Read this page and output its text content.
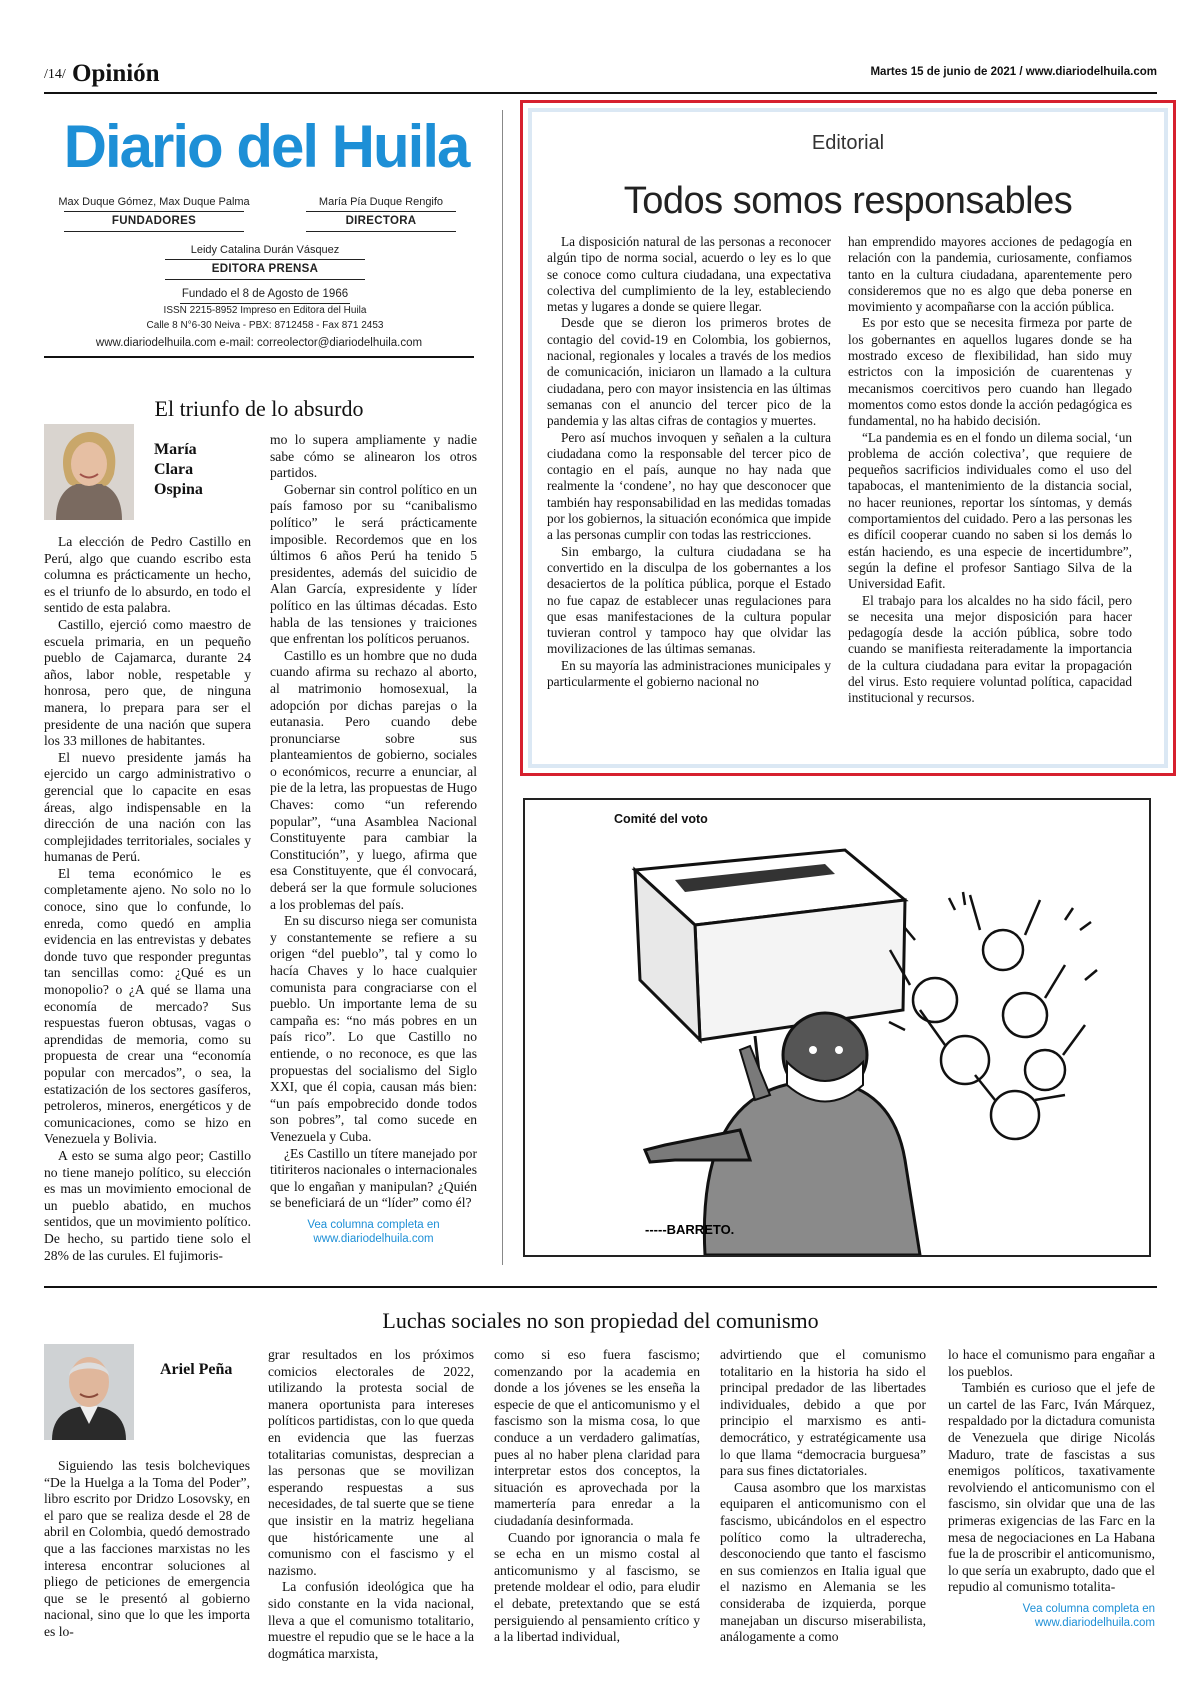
/14/ Opinión	Martes 15 de junio de 2021 / www.diariodelhuila.com
Diario del Huila
Max Duque Gómez, Max Duque Palma
FUNDADORES
María Pía Duque Rengifo
DIRECTORA
Leidy Catalina Durán Vásquez
EDITORA PRENSA
Fundado el 8 de Agosto de 1966
ISSN 2215-8952 Impreso en Editora del Huila
Calle 8 N°6-30 Neiva - PBX: 8712458 - Fax 871 2453
www.diariodelhuila.com e-mail: correolector@diariodelhuila.com
El triunfo de lo absurdo
María
Clara
Ospina

La elección de Pedro Castillo en Perú, algo que cuando escribo esta columna es prácticamente un hecho, es el triunfo de lo absurdo, en todo el sentido de esta palabra.

Castillo, ejerció como maestro de escuela primaria, en un pequeño pueblo de Cajamarca, durante 24 años, labor noble, respetable y honrosa, pero que, de ninguna manera, lo prepara para ser el presidente de una nación que supera los 33 millones de habitantes.

El nuevo presidente jamás ha ejercido un cargo administrativo o gerencial que lo capacite en esas áreas, algo indispensable en la dirección de una nación con las complejidades territoriales, sociales y humanas de Perú.

El tema económico le es completamente ajeno. No solo no lo conoce, sino que lo confunde, lo enreda, como quedó en amplia evidencia en las entrevistas y debates donde tuvo que responder preguntas tan sencillas como: ¿Qué es un monopolio? o ¿A qué se llama una economía de mercado? Sus respuestas fueron obtusas, vagas o aprendidas de memoria, como su propuesta de crear una “economía popular con mercados”, o sea, la estatización de los sectores gasíferos, petroleros, mineros, energéticos y de comunicaciones, como se hizo en Venezuela y Bolivia.

A esto se suma algo peor; Castillo no tiene manejo político, su elección es mas un movimiento emocional de un pueblo abatido, en muchos sentidos, que un movimiento político. De hecho, su partido tiene solo el 28% de las curules. El fujimoris-

mo lo supera ampliamente y nadie sabe cómo se alinearon los otros partidos.

Gobernar sin control político en un país famoso por su “canibalismo político” le será prácticamente imposible. Recordemos que en los últimos 6 años Perú ha tenido 5 presidentes, además del suicidio de Alan García, expresidente y líder político en las últimas décadas. Esto habla de las tensiones y traiciones que enfrentan los políticos peruanos.

Castillo es un hombre que no duda cuando afirma su rechazo al aborto, al matrimonio homosexual, la adopción por dichas parejas o la eutanasia. Pero cuando debe pronunciarse sobre sus planteamientos de gobierno, sociales o económicos, recurre a enunciar, al pie de la letra, las propuestas de Hugo Chaves: como “un referendo popular”, “una Asamblea Nacional Constituyente para cambiar la Constitución”, y luego, afirma que esa Constituyente, que él convocará, deberá ser la que formule soluciones a los problemas del país.

En su discurso niega ser comunista y constantemente se refiere a su origen “del pueblo”, tal y como lo hacía Chaves y lo hace cualquier comunista para congraciarse con el pueblo. Un importante lema de su campaña es: “no más pobres en un país rico”. Lo que Castillo no entiende, o no reconoce, es que las propuestas del socialismo del Siglo XXI, que él copia, causan más bien: “un país empobrecido donde todos son pobres”, tal como sucede en Venezuela y Cuba.

¿Es Castillo un títere manejado por titiriteros nacionales o internacionales que lo engañan y manipulan? ¿Quién se beneficiará de un “líder” como él?

Vea columna completa en
www.diariodelhuila.com
Editorial
Todos somos responsables

La disposición natural de las personas a reconocer algún tipo de norma social, acuerdo o ley es lo que se conoce como cultura ciudadana, una expectativa colectiva del cumplimiento de la ley, estableciendo metas y lugares a donde se quiere llegar.

Desde que se dieron los primeros brotes de contagio del covid-19 en Colombia, los gobiernos, nacional, regionales y locales a través de los medios de comunicación, iniciaron un llamado a la cultura ciudadana, pero con mayor insistencia en las últimas semanas con el anuncio del tercer pico de la pandemia y las altas cifras de contagios y muertes.

Pero así muchos invoquen y señalen a la cultura ciudadana como la responsable del tercer pico de contagio en el país, aunque no hay nada que realmente la ‘condene’, no hay que desconocer que también hay responsabilidad en las medidas tomadas por los gobiernos, la situación económica que impide a las personas cumplir con todas las restricciones.

Sin embargo, la cultura ciudadana se ha convertido en la disculpa de los gobernantes a los desaciertos de la política pública, porque el Estado no fue capaz de establecer unas regulaciones para que esas manifestaciones de la cultura popular tuvieran control y tampoco hay que olvidar las movilizaciones de las últimas semanas.

En su mayoría las administraciones municipales y particularmente el gobierno nacional no

han emprendido mayores acciones de pedagogía en relación con la pandemia, curiosamente, confiamos tanto en la cultura ciudadana, aparentemente pero consideremos que no es algo que deba ponerse en movimiento y acompañarse con la acción pública.

Es por esto que se necesita firmeza por parte de los gobernantes en aquellos lugares donde se ha mostrado exceso de flexibilidad, han sido muy estrictos con la imposición de cuarentenas y mecanismos coercitivos pero cuando han llegado momentos como estos donde la acción pedagógica es fundamental, no ha habido decisión.

“La pandemia es en el fondo un dilema social, ‘un problema de acción colectiva’, que requiere de pequeños sacrificios individuales como el uso del tapabocas, el mantenimiento de la distancia social, no hacer reuniones, reportar los síntomas, y demás comportamientos del cuidado. Pero a las personas les es difícil cooperar cuando no saben si los demás lo están haciendo, es una especie de incertidumbre”, según la define el profesor Santiago Silva de la Universidad Eafit.

El trabajo para los alcaldes no ha sido fácil, pero se necesita una mejor disposición para hacer pedagogía desde la acción pública, sobre todo cuando se manifiesta reiteradamente la importancia de la cultura ciudadana para evitar la propagación del virus. Esto requiere voluntad política, capacidad institucional y recursos.

-----BARRETO.
Comité del voto
Luchas sociales no son propiedad del comunismo
Ariel Peña

Siguiendo las tesis bolcheviques “De la Huelga a la Toma del Poder”, libro escrito por Dridzo Losovsky, en el paro que se realiza desde el 28 de abril en Colombia, quedó demostrado que a las facciones marxistas no les interesa encontrar soluciones al pliego de peticiones de emergencia que se le presentó al gobierno nacional, sino que lo que les importa es lo-

grar resultados en los próximos comicios electorales de 2022, utilizando la protesta social de manera oportunista para intereses políticos partidistas, con lo que queda en evidencia que las fuerzas totalitarias comunistas, desprecian a las personas que se movilizan esperando respuestas a sus necesidades, de tal suerte que se tiene que insistir en la matriz hegeliana que históricamente une al comunismo con el fascismo y el nazismo.

La confusión ideológica que ha sido constante en la vida nacional, lleva a que el comunismo totalitario, muestre el repudio que se le hace a la dogmática marxista,

como si eso fuera fascismo; comenzando por la academia en donde a los jóvenes se les enseña la especie de que el anticomunismo y el fascismo son la misma cosa, lo que conduce a un verdadero galimatías, pues al no haber plena claridad para interpretar estos dos conceptos, la situación es aprovechada por la mamertería para enredar a la ciudadanía desinformada.

Cuando por ignorancia o mala fe se echa en un mismo costal al anticomunismo y al fascismo, se pretende moldear el odio, para eludir el debate, pretextando que se está persiguiendo al pensamiento crítico y a la libertad individual,

advirtiendo que el comunismo totalitario en la historia ha sido el principal predador de las libertades individuales, debido a que por principio el marxismo es anti-democrático, y estratégicamente usa lo que llama “democracia burguesa” para sus fines dictatoriales.

Causa asombro que los marxistas equiparen el anticomunismo con el fascismo, ubicándolos en el espectro político como la ultraderecha, desconociendo que tanto el fascismo en sus comienzos en Italia igual que el nazismo en Alemania se les consideraba de izquierda, porque manejaban un discurso miserabilista, análogamente a como

lo hace el comunismo para engañar a los pueblos.

También es curioso que el jefe de un cartel de las Farc, Iván Márquez, respaldado por la dictadura comunista de Venezuela que dirige Nicolás Maduro, trate de fascistas a sus enemigos políticos, taxativamente revolviendo el anticomunismo con el fascismo, sin olvidar que una de las primeras exigencias de las Farc en la mesa de negociaciones en La Habana fue la de proscribir el anticomunismo, lo que sería un exabrupto, dado que el repudio al comunismo totalita-

Vea columna completa en
www.diariodelhuila.com
